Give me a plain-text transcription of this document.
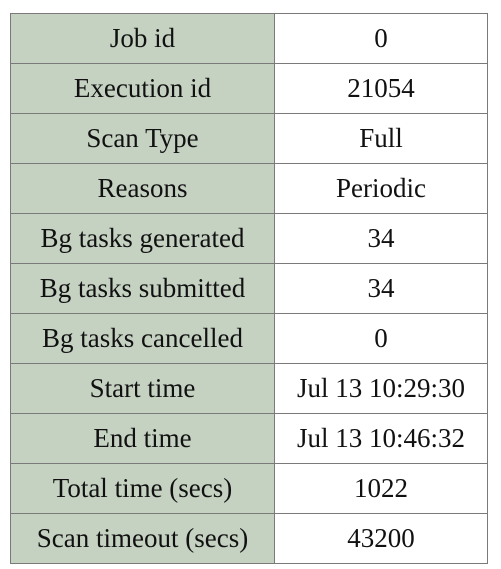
Job id	0
Execution id	21054
Scan Type	Full
Reasons	Periodic
Bg tasks generated	34
Bg tasks submitted	34
Bg tasks cancelled	0
Start time	Jul 13 10:29:30
End time	Jul 13 10:46:32
Total time (secs)	1022
Scan timeout (secs)	43200
